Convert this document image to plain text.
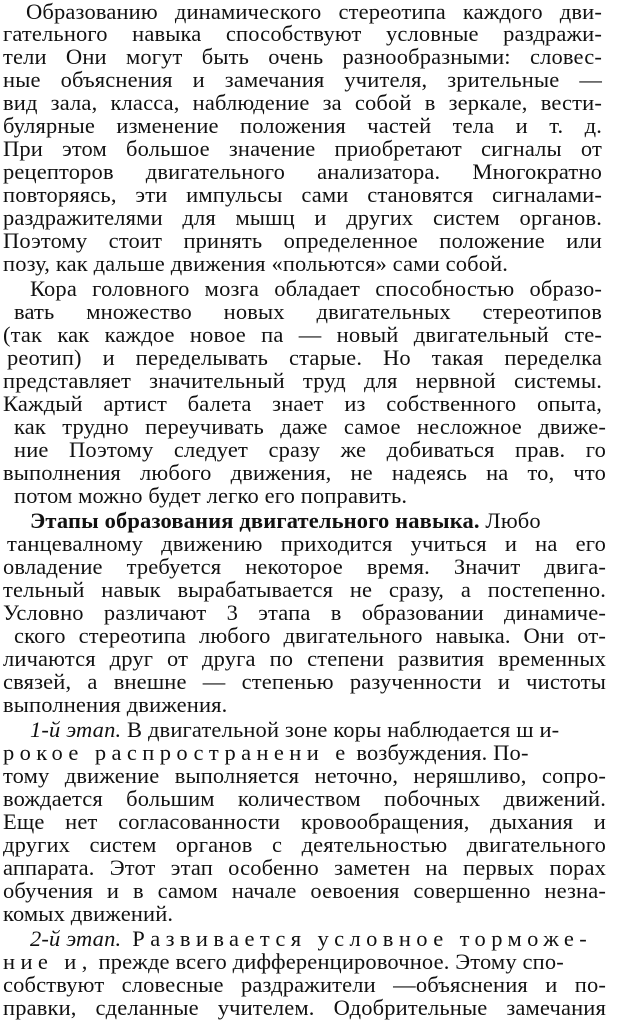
Образованию динамического стереотипа каждого дви-
гательного навыка способствуют условные раздражи-
тели Они могут быть очень разнообразными: словес-
ные объяснения и замечания учителя, зрительные —
вид зала, класса, наблюдение за собой в зеркале, вести-
булярные изменение положения частей тела и т. д.
При этом большое значение приобретают сигналы от
рецепторов двигательного анализатора. Многократно
повторяясь, эти импульсы сами становятся сигналами-
раздражителями для мышц и других систем органов.
Поэтому стоит принять определенное положение или
позу, как дальше движения «польются» сами собой.
Кора головного мозга обладает способностью образо-
вать множество новых двигательных стереотипов
(так как каждое новое па — новый двигательный сте-
реотип) и переделывать старые. Но такая переделка
представляет значительный труд для нервной системы.
Каждый артист балета знает из собственного опыта,
как трудно переучивать даже самое несложное движе-
ние Поэтому следует сразу же добиваться прав. го
выполнения любого движения, не надеясь на то, что
потом можно будет легко его поправить.
Этапы образования двигательного навыка. Любо
танцевалному движению приходится учиться и на его
овладение требуется некоторое время. Значит двига-
тельный навык вырабатывается не сразу, а постепенно.
Условно различают 3 этапа в образовании динамиче-
ского стереотипа любого двигательного навыка. Они от-
личаются друг от друга по степени развития временных
связей, а внешне — степенью разученности и чистоты
выполнения движения.
1-й этап. В двигательной зоне коры наблюдается ш и-
рокое распространени е возбуждения. По-
тому движение выполняется неточно, неряшливо, сопро-
вождается большим количеством побочных движений.
Еще нет согласованности кровообращения, дыхания и
других систем органов с деятельностью двигательного
аппарата. Этот этап особенно заметен на первых порах
обучения и в самом начале оевоения совершенно незна-
комых движений.
2-й этап. Развивается условное торможе-
ние и, прежде всего дифференцировочное. Этому спо-
собствуют словесные раздражители —объяснения и по-
правки, сделанные учителем. Одобрительные замечания
